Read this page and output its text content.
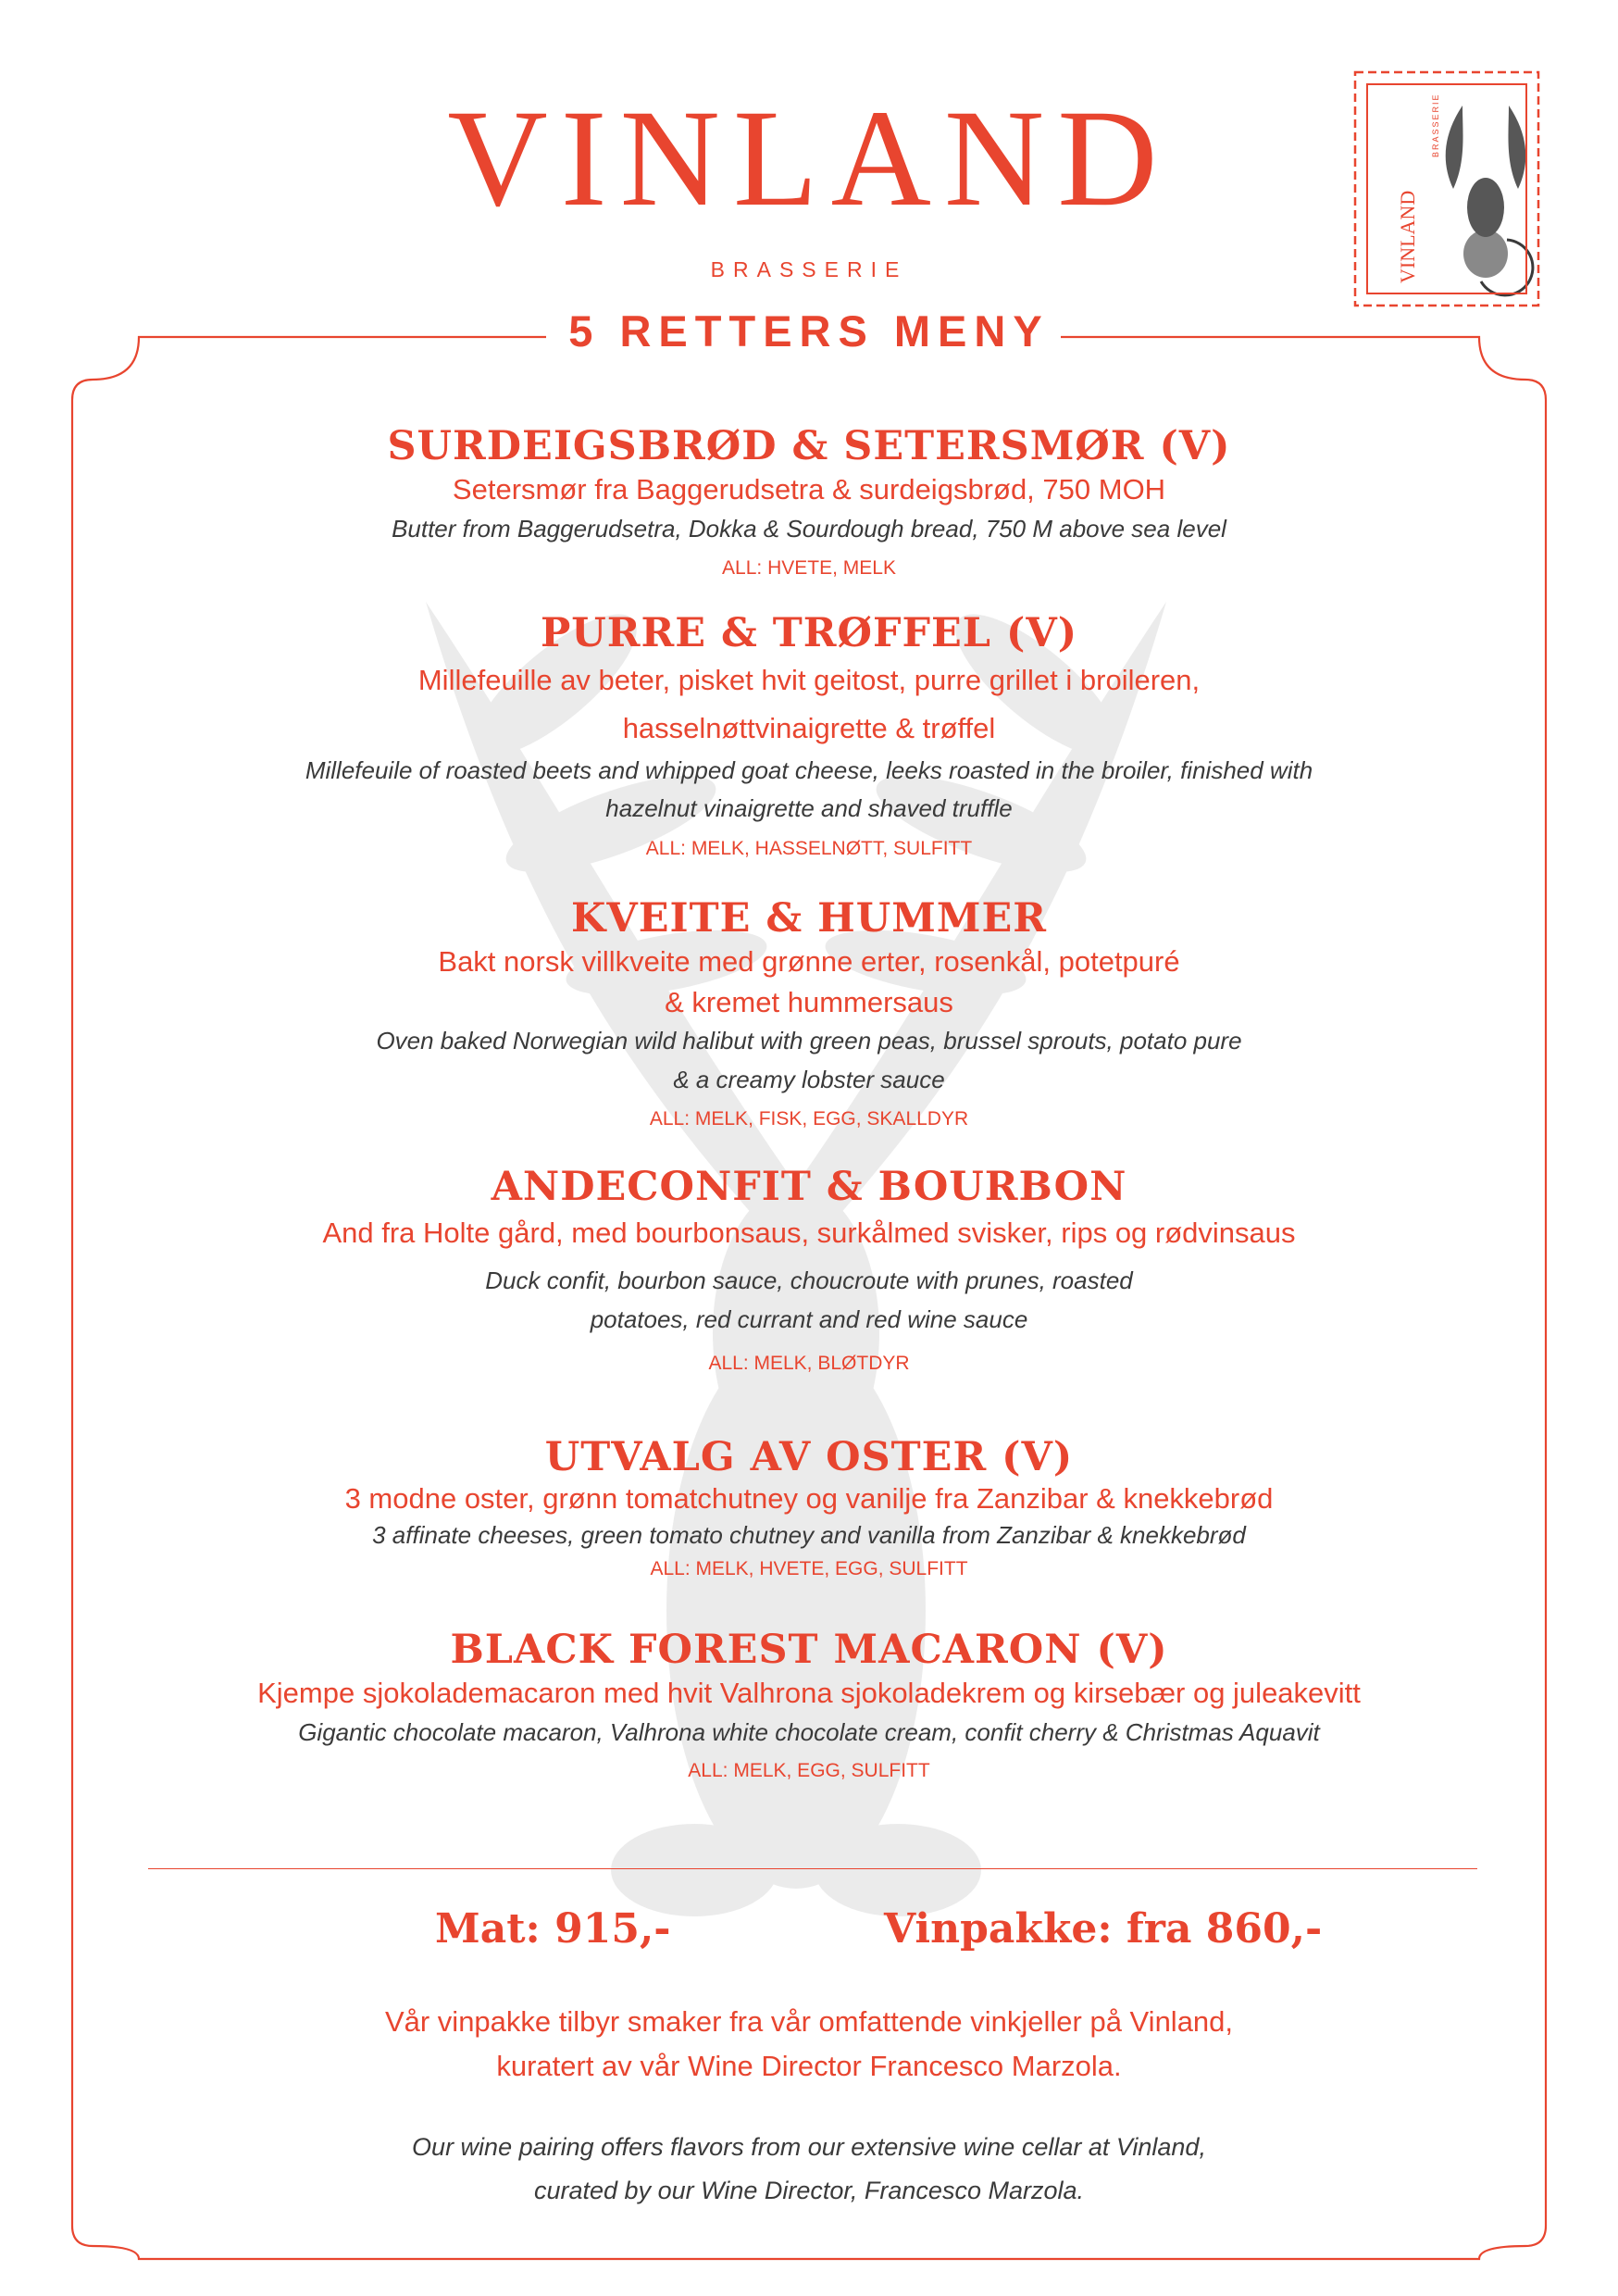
VINLAND
BRASSERIE
5 RETTERS MENY
VINLAND
BRASSERIE
SURDEIGSBRØD & SETERSMØR (V)
Setersmør fra Baggerudsetra & surdeigsbrød, 750 MOH
Butter from Baggerudsetra, Dokka & Sourdough bread, 750 M above sea level
ALL: HVETE, MELK
PURRE & TRØFFEL (V)
Millefeuille av beter, pisket hvit geitost, purre grillet i broileren,
hasselnøttvinaigrette & trøffel
Millefeuile of roasted beets and whipped goat cheese, leeks roasted in the broiler, finished with
hazelnut vinaigrette and shaved truffle
ALL: MELK, HASSELNØTT, SULFITT
KVEITE & HUMMER
Bakt norsk villkveite med grønne erter, rosenkål, potetpuré
& kremet hummersaus
Oven baked Norwegian wild halibut with green peas, brussel sprouts, potato pure
& a creamy lobster sauce
ALL: MELK, FISK, EGG, SKALLDYR
ANDECONFIT & BOURBON
And fra Holte gård, med bourbonsaus, surkålmed svisker, rips og rødvinsaus
Duck confit, bourbon sauce, choucroute with prunes, roasted
potatoes, red currant and red wine sauce
ALL: MELK, BLØTDYR
UTVALG AV OSTER (V)
3 modne oster, grønn tomatchutney og vanilje fra Zanzibar & knekkebrød
3 affinate cheeses, green tomato chutney and vanilla from Zanzibar & knekkebrød
ALL: MELK, HVETE, EGG, SULFITT
BLACK FOREST MACARON (V)
Kjempe sjokolademacaron med hvit Valhrona sjokoladekrem og kirsebær og juleakevitt
Gigantic chocolate macaron, Valhrona white chocolate cream, confit cherry & Christmas Aquavit
ALL: MELK, EGG, SULFITT
Mat: 915,-	Vinpakke: fra 860,-
Vår vinpakke tilbyr smaker fra vår omfattende vinkjeller på Vinland,
kuratert av vår Wine Director Francesco Marzola.
Our wine pairing offers flavors from our extensive wine cellar at Vinland,
curated by our Wine Director, Francesco Marzola.
